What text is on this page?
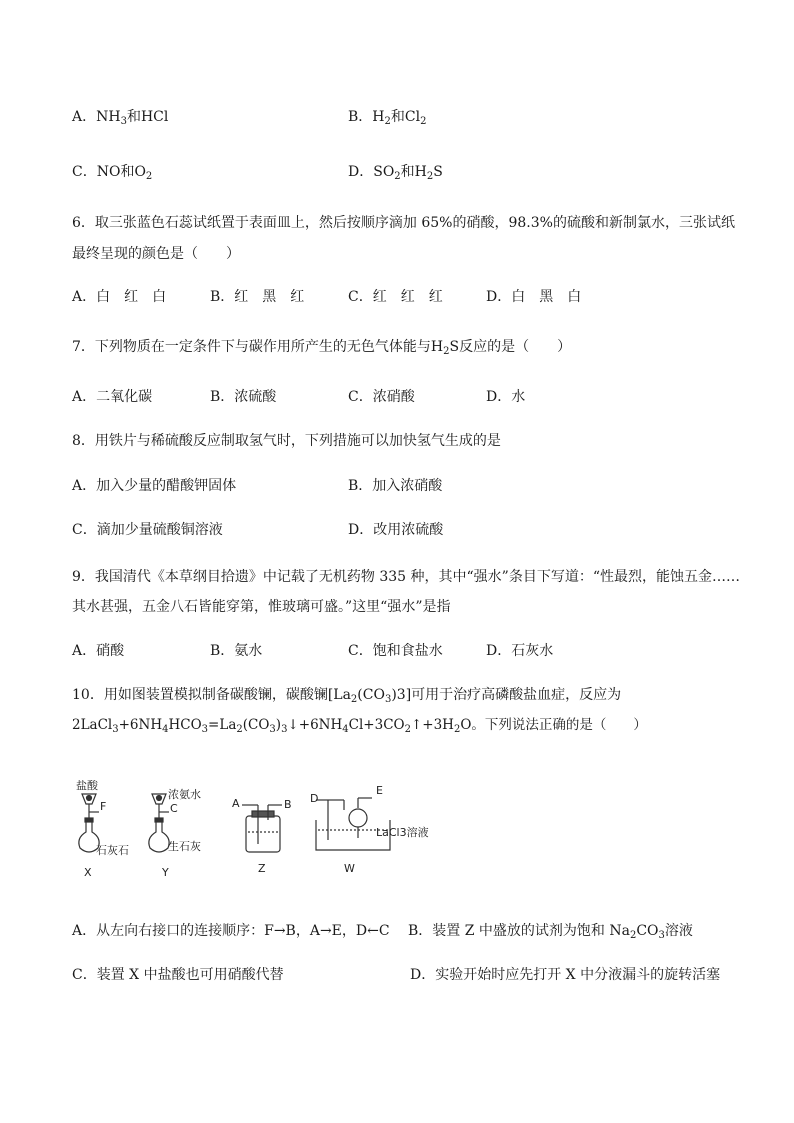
A．$NH_3$和HCl	B．$H_2$和$Cl_2$
C．NO和$O_2$	D．$SO_2$和$H_2S$
6．取三张蓝色石蕊试纸置于表面皿上，然后按顺序滴加 65%的硝酸，98.3%的硫酸和新制氯水，三张试纸
最终呈现的颜色是（　　）
A．白　红　白	B．红　黑　红	C．红　红　红	D．白　黑　白
7．下列物质在一定条件下与碳作用所产生的无色气体能与$H_2S$反应的是（　　）
A．二氧化碳	B．浓硫酸	C．浓硝酸	D．水
8．用铁片与稀硫酸反应制取氢气时，下列措施可以加快氢气生成的是
A．加入少量的醋酸钾固体	B．加入浓硝酸
C．滴加少量硫酸铜溶液	D．改用浓硫酸
9．我国清代《本草纲目拾遗》中记载了无机药物 335 种，其中“强水”条目下写道：“性最烈，能蚀五金……
其水甚强，五金八石皆能穿第，惟玻璃可盛。”这里“强水”是指
A．硝酸	B．氨水	C．饱和食盐水	D．石灰水
10．用如图装置模拟制备碳酸镧，碳酸镧$[La_2(CO_3)3]$可用于治疗高磷酸盐血症，反应为
$2LaCl_3+6NH_4HCO_3=La_2(CO_3)_3↓+6NH_4Cl+3CO_2↑+3H_2O$。下列说法正确的是（　　）
盐酸
F
石灰石
X
浓氨水
C
生石灰
Y
A	B
Z
D
E
LaCl3溶液
W
A．从左向右接口的连接顺序：F→B，A→E，D←C B．装置 Z 中盛放的试剂为饱和 $Na_2CO_3$溶液
C．装置 X 中盐酸也可用硝酸代替	D．实验开始时应先打开 X 中分液漏斗的旋转活塞
